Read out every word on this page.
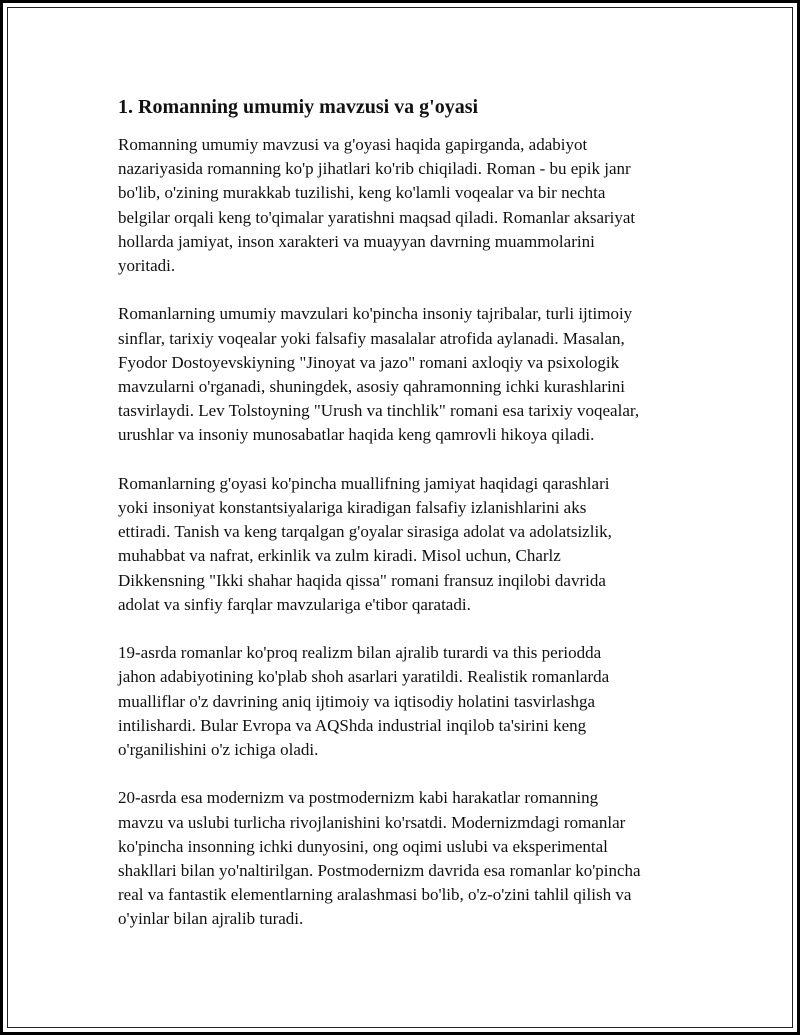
1. Romanning umumiy mavzusi va g'oyasi
Romanning umumiy mavzusi va g'oyasi haqida gapirganda, adabiyot
nazariyasida romanning ko'p jihatlari ko'rib chiqiladi. Roman - bu epik janr
bo'lib, o'zining murakkab tuzilishi, keng ko'lamli voqealar va bir nechta
belgilar orqali keng to'qimalar yaratishni maqsad qiladi. Romanlar aksariyat
hollarda jamiyat, inson xarakteri va muayyan davrning muammolarini
yoritadi.
Romanlarning umumiy mavzulari ko'pincha insoniy tajribalar, turli ijtimoiy
sinflar, tarixiy voqealar yoki falsafiy masalalar atrofida aylanadi. Masalan,
Fyodor Dostoyevskiyning "Jinoyat va jazo" romani axloqiy va psixologik
mavzularni o'rganadi, shuningdek, asosiy qahramonning ichki kurashlarini
tasvirlaydi. Lev Tolstoyning "Urush va tinchlik" romani esa tarixiy voqealar,
urushlar va insoniy munosabatlar haqida keng qamrovli hikoya qiladi.
Romanlarning g'oyasi ko'pincha muallifning jamiyat haqidagi qarashlari
yoki insoniyat konstantsiyalariga kiradigan falsafiy izlanishlarini aks
ettiradi. Tanish va keng tarqalgan g'oyalar sirasiga adolat va adolatsizlik,
muhabbat va nafrat, erkinlik va zulm kiradi. Misol uchun, Charlz
Dikkensning "Ikki shahar haqida qissa" romani fransuz inqilobi davrida
adolat va sinfiy farqlar mavzulariga e'tibor qaratadi.
19-asrda romanlar ko'proq realizm bilan ajralib turardi va this periodda
jahon adabiyotining ko'plab shoh asarlari yaratildi. Realistik romanlarda
mualliflar o'z davrining aniq ijtimoiy va iqtisodiy holatini tasvirlashga
intilishardi. Bular Evropa va AQShda industrial inqilob ta'sirini keng
o'rganilishini o'z ichiga oladi.
20-asrda esa modernizm va postmodernizm kabi harakatlar romanning
mavzu va uslubi turlicha rivojlanishini ko'rsatdi. Modernizmdagi romanlar
ko'pincha insonning ichki dunyosini, ong oqimi uslubi va eksperimental
shakllari bilan yo'naltirilgan. Postmodernizm davrida esa romanlar ko'pincha
real va fantastik elementlarning aralashmasi bo'lib, o'z-o'zini tahlil qilish va
o'yinlar bilan ajralib turadi.
